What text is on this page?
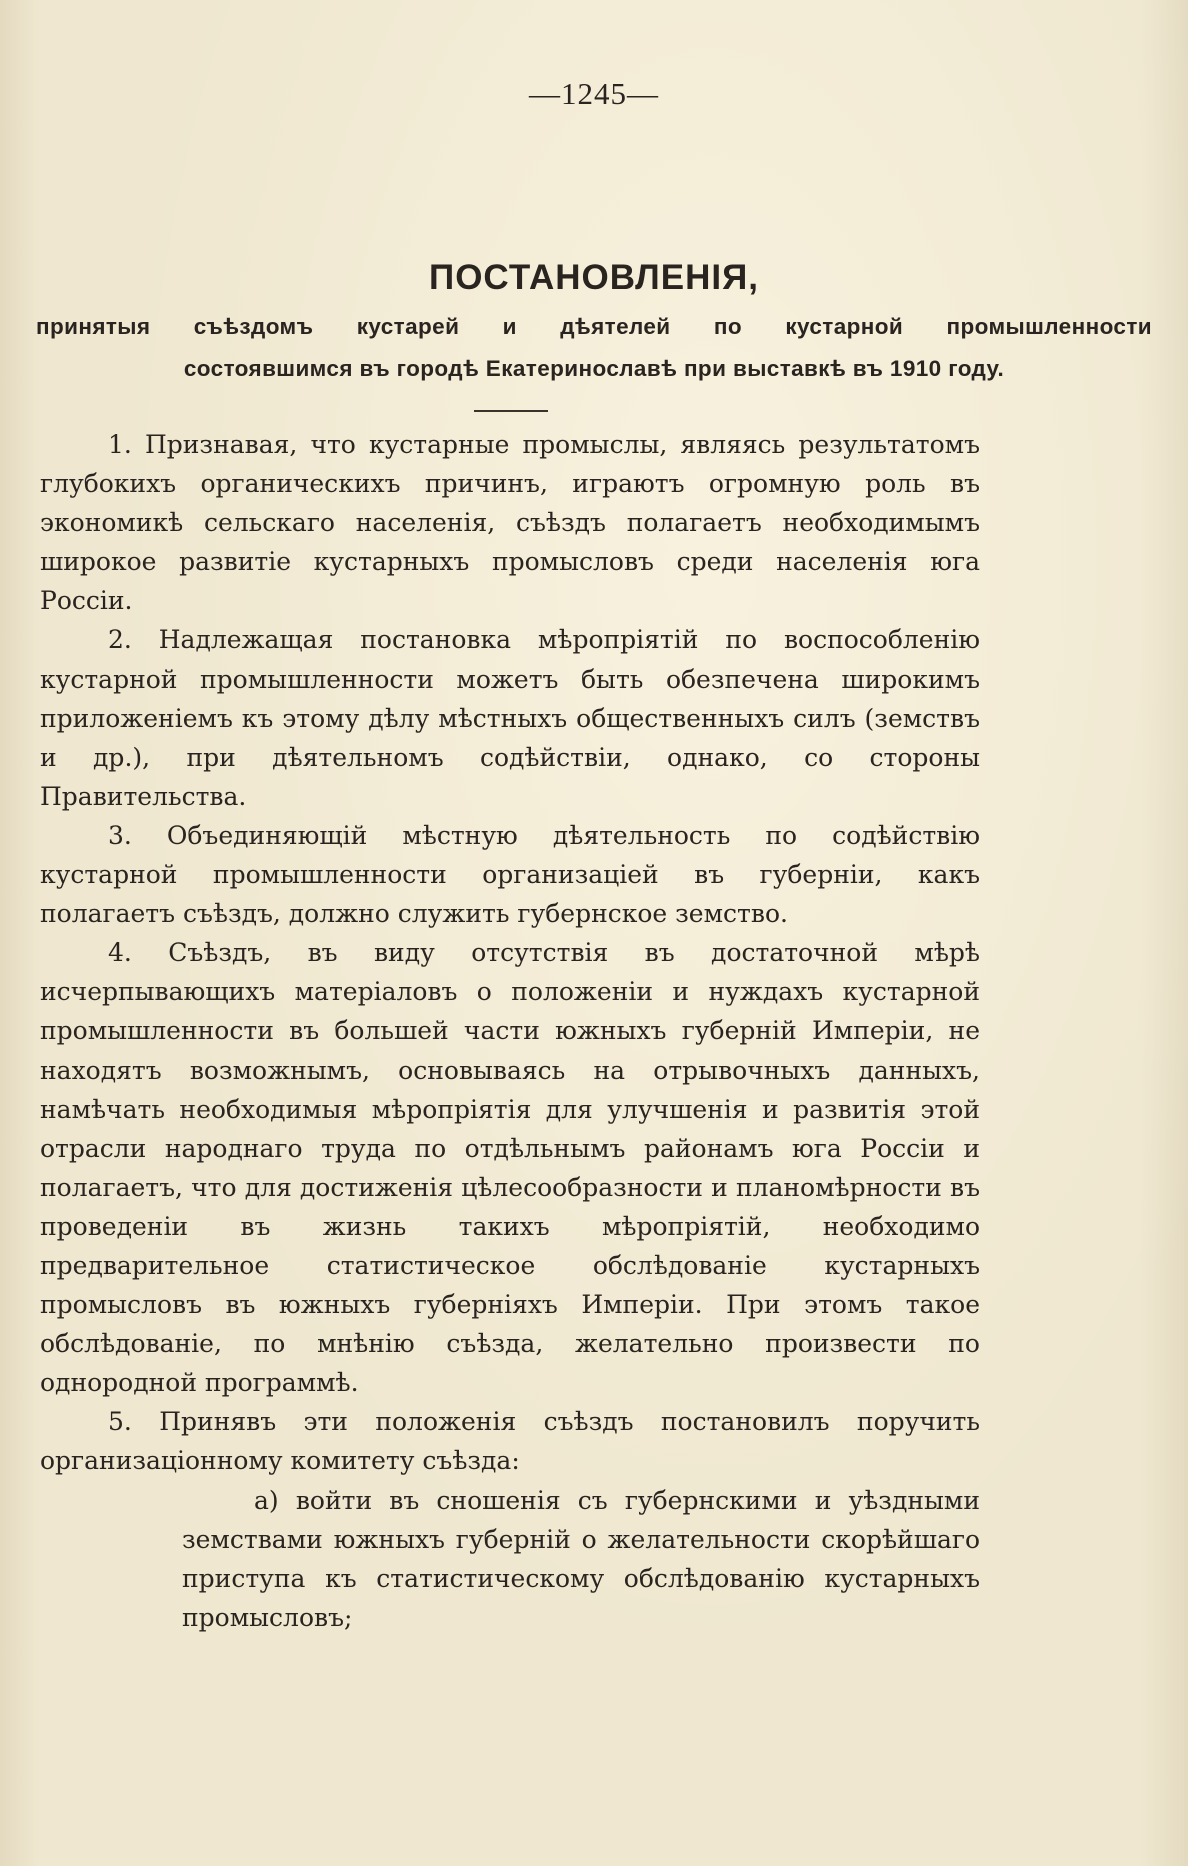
—1245—
ПОСТАНОВЛЕНІЯ,
принятыя съѣздомъ кустарей и дѣятелей по кустарной промышленности
состоявшимся въ городѣ Екатеринославѣ при выставкѣ въ 1910 году.

1. Признавая, что кустарные промыслы, являясь результатомъ глубокихъ органическихъ причинъ, играютъ огромную роль въ экономикѣ сельскаго населенія, съѣздъ полагаетъ необходимымъ широкое развитіе кустарныхъ промысловъ среди населенія юга Россіи.

2. Надлежащая постановка мѣропріятій по воспособленію кустарной промышленности можетъ быть обезпечена широкимъ приложеніемъ къ этому дѣлу мѣстныхъ общественныхъ силъ (земствъ и др.), при дѣятельномъ содѣйствіи, однако, со стороны Правительства.

3. Объединяющій мѣстную дѣятельность по содѣйствію кустарной промышленности организаціей въ губерніи, какъ полагаетъ съѣздъ, должно служить губернское земство.

4. Съѣздъ, въ виду отсутствія въ достаточной мѣрѣ исчерпывающихъ матеріаловъ о положеніи и нуждахъ кустарной промышленности въ большей части южныхъ губерній Имперіи, не находятъ возможнымъ, основываясь на отрывочныхъ данныхъ, намѣчать необходимыя мѣропріятія для улучшенія и развитія этой отрасли народнаго труда по отдѣльнымъ районамъ юга Россіи и полагаетъ, что для достиженія цѣлесообразности и планомѣрности въ проведеніи въ жизнь такихъ мѣропріятій, необходимо предварительное статистическое обслѣдованіе кустарныхъ промысловъ въ южныхъ губерніяхъ Имперіи. При этомъ такое обслѣдованіе, по мнѣнію съѣзда, желательно произвести по однородной программѣ.

5. Принявъ эти положенія съѣздъ постановилъ поручить организаціонному комитету съѣзда:

а) войти въ сношенія съ губернскими и уѣздными земствами южныхъ губерній о желательности скорѣйшаго приступа къ статистическому обслѣдованію кустарныхъ промысловъ;
